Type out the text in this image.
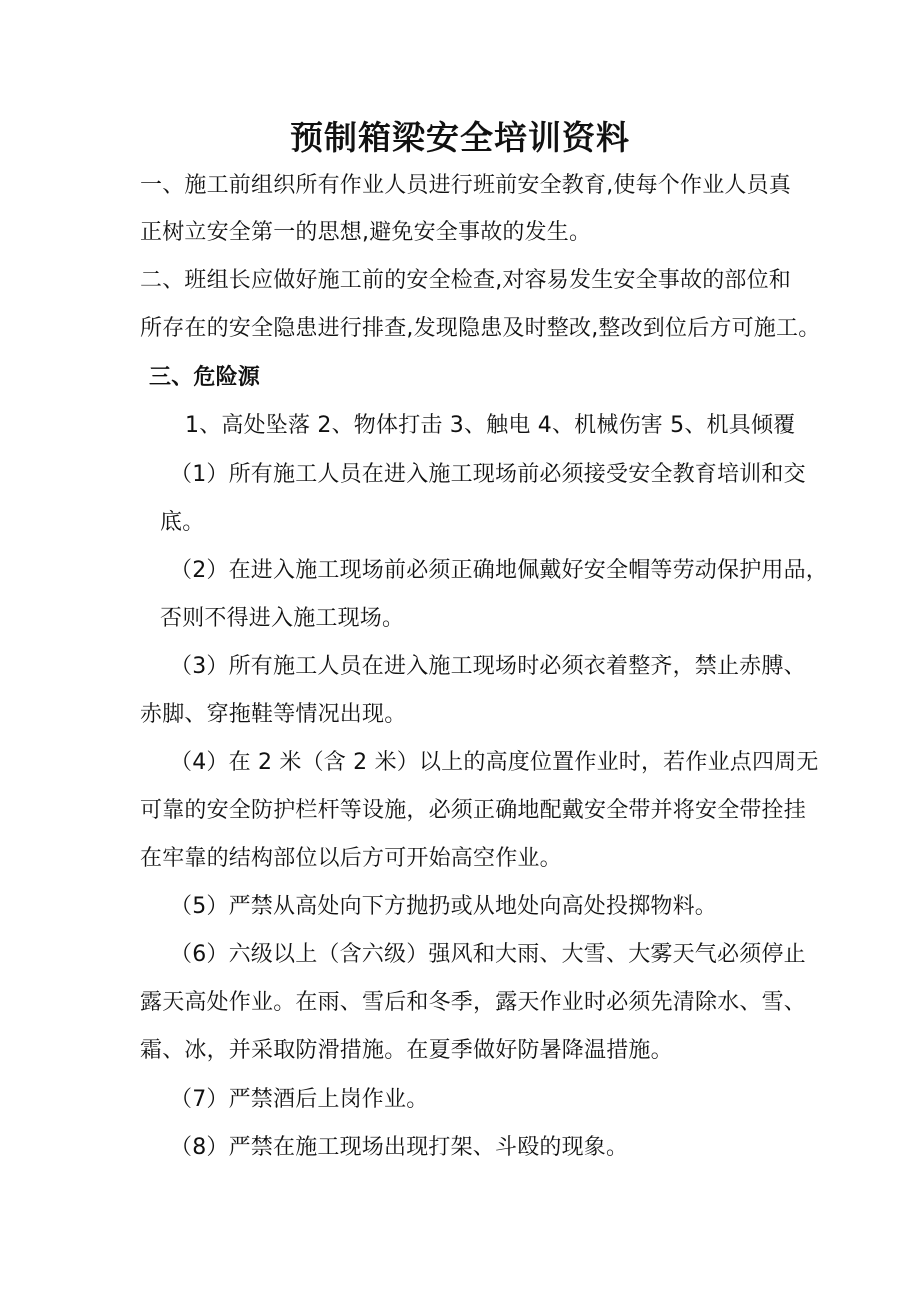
预制箱梁安全培训资料
一、施工前组织所有作业人员进行班前安全教育,使每个作业人员真
正树立安全第一的思想,避免安全事故的发生。
二、班组长应做好施工前的安全检查,对容易发生安全事故的部位和
所存在的安全隐患进行排查,发现隐患及时整改,整改到位后方可施工。
三、危险源
1、高处坠落 2、物体打击 3、触电 4、机械伤害 5、机具倾覆
（1）所有施工人员在进入施工现场前必须接受安全教育培训和交
底。
（2）在进入施工现场前必须正确地佩戴好安全帽等劳动保护用品，
否则不得进入施工现场。
（3）所有施工人员在进入施工现场时必须衣着整齐，禁止赤膊、
赤脚、穿拖鞋等情况出现。
（4）在 2 米（含 2 米）以上的高度位置作业时，若作业点四周无
可靠的安全防护栏杆等设施，必须正确地配戴安全带并将安全带拴挂
在牢靠的结构部位以后方可开始高空作业。
（5）严禁从高处向下方抛扔或从地处向高处投掷物料。
（6）六级以上（含六级）强风和大雨、大雪、大雾天气必须停止
露天高处作业。在雨、雪后和冬季，露天作业时必须先清除水、雪、
霜、冰，并采取防滑措施。在夏季做好防暑降温措施。
（7）严禁酒后上岗作业。
（8）严禁在施工现场出现打架、斗殴的现象。
